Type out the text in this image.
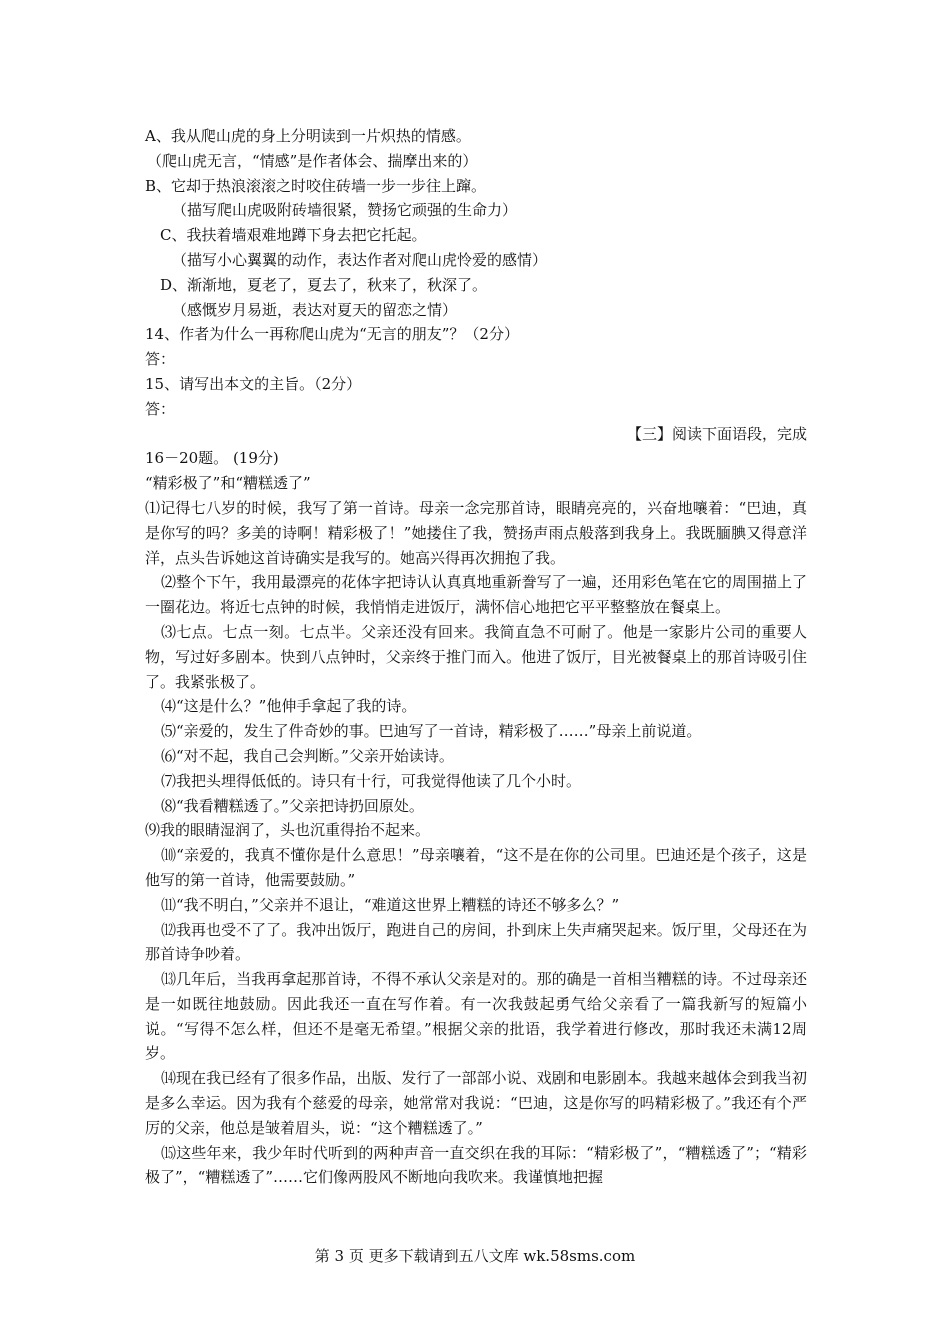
A、我从爬山虎的身上分明读到一片炽热的情感。
（爬山虎无言，“情感”是作者体会、揣摩出来的）
B、它却于热浪滚滚之时咬住砖墙一步一步往上蹿。
（描写爬山虎吸附砖墙很紧，赞扬它顽强的生命力）
C、我扶着墙艰难地蹲下身去把它托起。
（描写小心翼翼的动作，表达作者对爬山虎怜爱的感情）
D、渐渐地，夏老了，夏去了，秋来了，秋深了。
（感慨岁月易逝，表达对夏天的留恋之情）
14、作者为什么一再称爬山虎为“无言的朋友”？（2分）
答：
15、请写出本文的主旨。（2分）
答：
【三】阅读下面语段，完成
16－20题。 (19分)
“精彩极了”和“糟糕透了”
⑴记得七八岁的时候，我写了第一首诗。母亲一念完那首诗，眼睛亮亮的，兴奋地嚷着：“巴迪，真是你写的吗？多美的诗啊！精彩极了！”她搂住了我，赞扬声雨点般落到我身上。我既腼腆又得意洋洋，点头告诉她这首诗确实是我写的。她高兴得再次拥抱了我。
⑵整个下午，我用最漂亮的花体字把诗认认真真地重新誊写了一遍，还用彩色笔在它的周围描上了一圈花边。将近七点钟的时候，我悄悄走进饭厅，满怀信心地把它平平整整放在餐桌上。
⑶七点。七点一刻。七点半。父亲还没有回来。我简直急不可耐了。他是一家影片公司的重要人物，写过好多剧本。快到八点钟时，父亲终于推门而入。他进了饭厅，目光被餐桌上的那首诗吸引住了。我紧张极了。
⑷“这是什么？”他伸手拿起了我的诗。
⑸“亲爱的，发生了件奇妙的事。巴迪写了一首诗，精彩极了……”母亲上前说道。
⑹“对不起，我自己会判断。”父亲开始读诗。
⑺我把头埋得低低的。诗只有十行，可我觉得他读了几个小时。
⑻“我看糟糕透了。”父亲把诗扔回原处。
⑼我的眼睛湿润了，头也沉重得抬不起来。
⑽“亲爱的，我真不懂你是什么意思！”母亲嚷着，“这不是在你的公司里。巴迪还是个孩子，这是他写的第一首诗，他需要鼓励。”
⑾“我不明白，”父亲并不退让，“难道这世界上糟糕的诗还不够多么？”
⑿我再也受不了了。我冲出饭厅，跑进自己的房间，扑到床上失声痛哭起来。饭厅里，父母还在为那首诗争吵着。
⒀几年后，当我再拿起那首诗，不得不承认父亲是对的。那的确是一首相当糟糕的诗。不过母亲还是一如既往地鼓励。因此我还一直在写作着。有一次我鼓起勇气给父亲看了一篇我新写的短篇小说。“写得不怎么样，但还不是毫无希望。”根据父亲的批语，我学着进行修改，那时我还未满12周岁。
⒁现在我已经有了很多作品，出版、发行了一部部小说、戏剧和电影剧本。我越来越体会到我当初是多么幸运。因为我有个慈爱的母亲，她常常对我说：“巴迪，这是你写的吗精彩极了。”我还有个严厉的父亲，他总是皱着眉头，说：“这个糟糕透了。”
⒂这些年来，我少年时代听到的两种声音一直交织在我的耳际：“精彩极了”，“糟糕透了”；“精彩极了”，“糟糕透了”……它们像两股风不断地向我吹来。我谨慎地把握
第 3 页 更多下载请到五八文库 wk.58sms.com
